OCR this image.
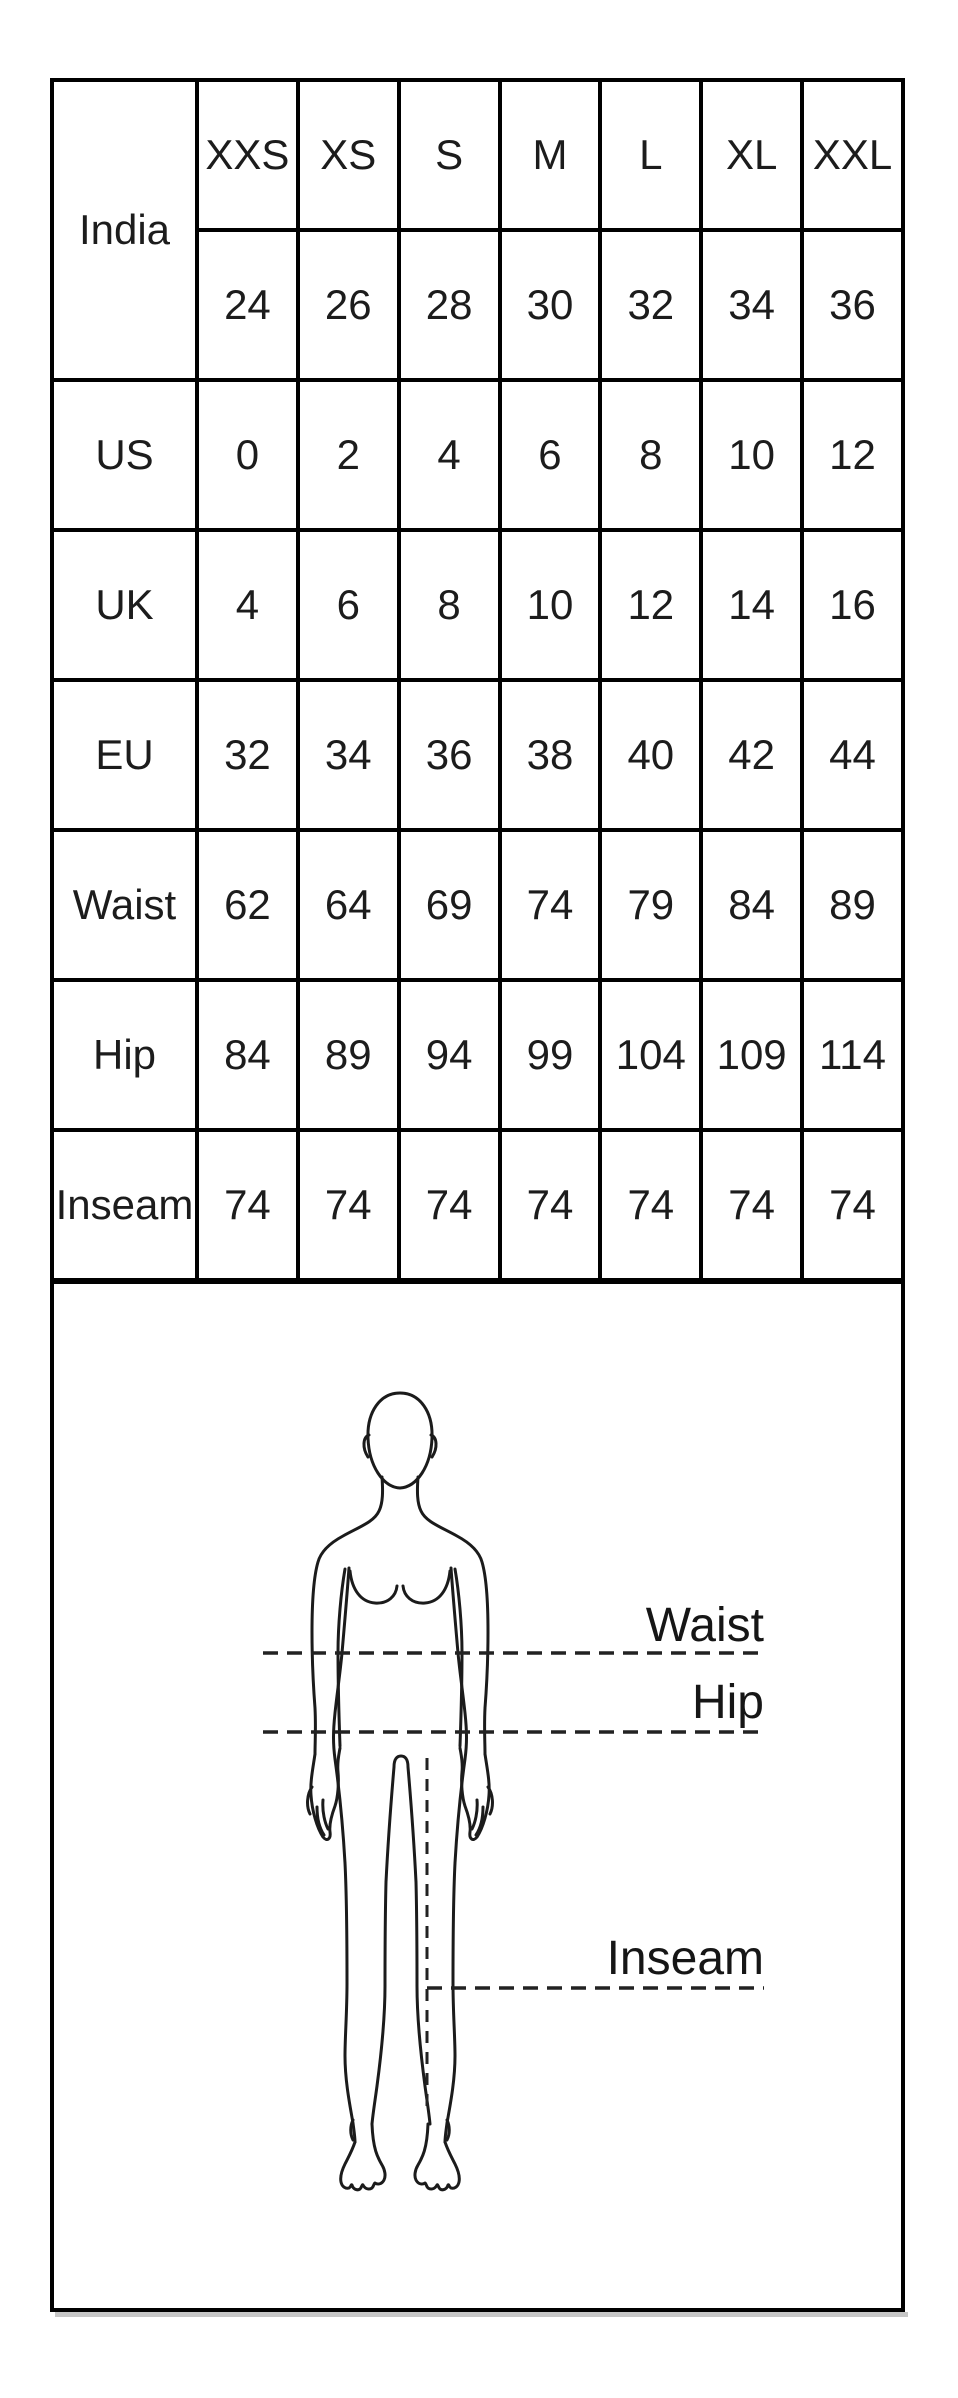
India	XXS	XS	S	M	L	XL	XXL
	24	26	28	30	32	34	36
US	0	2	4	6	8	10	12
UK	4	6	8	10	12	14	16
EU	32	34	36	38	40	42	44
Waist	62	64	69	74	79	84	89
Hip	84	89	94	99	104	109	114
Inseam	74	74	74	74	74	74	74
Waist
Hip
Inseam
